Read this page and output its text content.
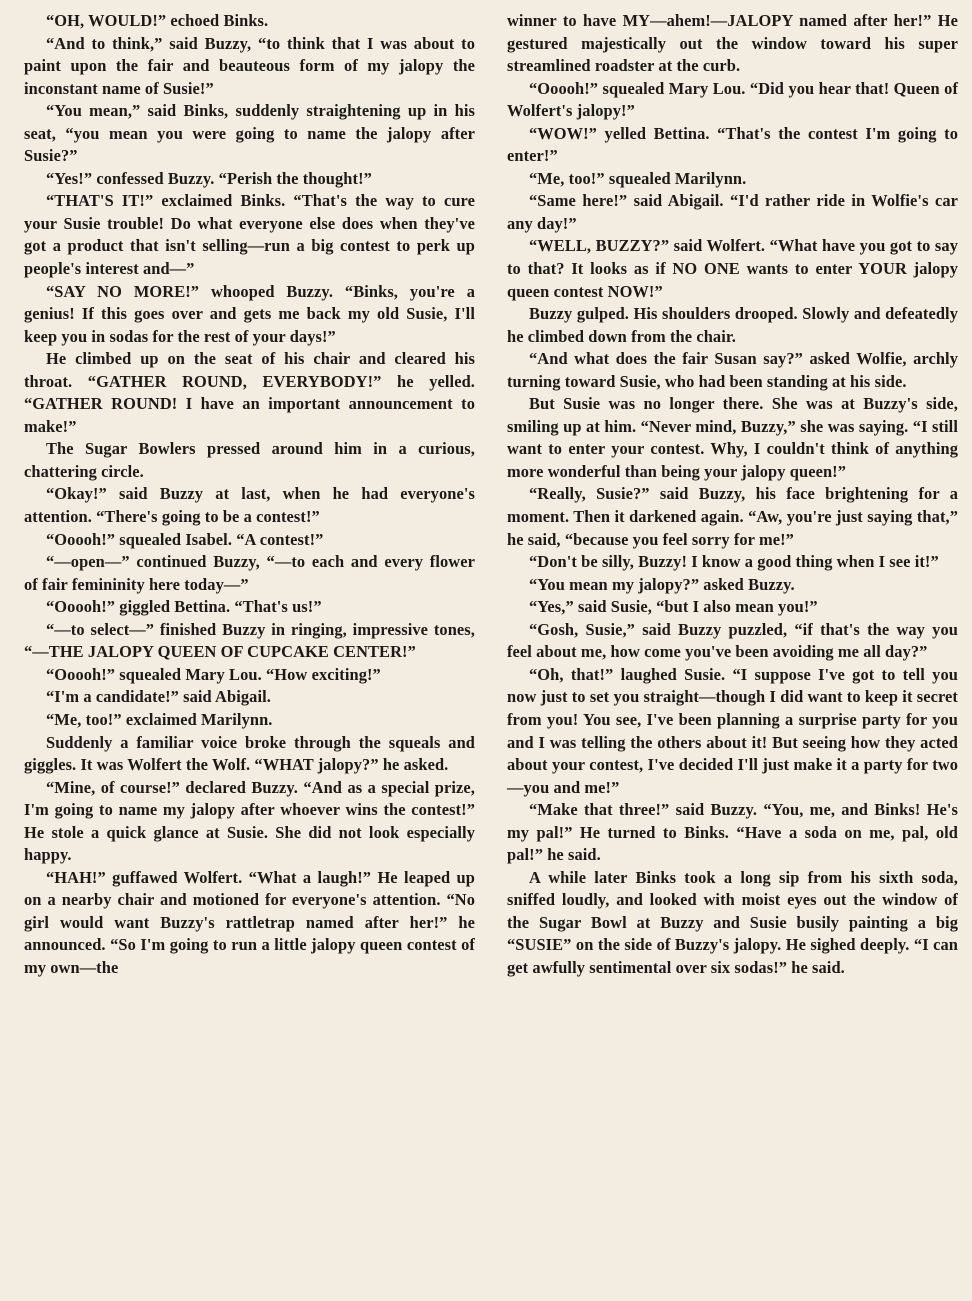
“OH, WOULD!” echoed Binks.

“And to think,” said Buzzy, “to think that I was about to paint upon the fair and beauteous form of my jalopy the inconstant name of Susie!”

“You mean,” said Binks, suddenly straightening up in his seat, “you mean you were going to name the jalopy after Susie?”

“Yes!” confessed Buzzy. “Perish the thought!”

“THAT'S IT!” exclaimed Binks. “That's the way to cure your Susie trouble! Do what everyone else does when they've got a product that isn't selling—run a big contest to perk up people's interest and—”

“SAY NO MORE!” whooped Buzzy. “Binks, you're a genius! If this goes over and gets me back my old Susie, I'll keep you in sodas for the rest of your days!”

He climbed up on the seat of his chair and cleared his throat. “GATHER ROUND, EVERYBODY!” he yelled. “GATHER ROUND! I have an important announcement to make!”

The Sugar Bowlers pressed around him in a curious, chattering circle.

“Okay!” said Buzzy at last, when he had everyone's attention. “There's going to be a contest!”

“Ooooh!” squealed Isabel. “A contest!”

“—open—” continued Buzzy, “—to each and every flower of fair femininity here today—”

“Ooooh!” giggled Bettina. “That's us!”

“—to select—” finished Buzzy in ringing, impressive tones, “—THE JALOPY QUEEN OF CUPCAKE CENTER!”

“Ooooh!” squealed Mary Lou. “How exciting!”

“I'm a candidate!” said Abigail.

“Me, too!” exclaimed Marilynn.

Suddenly a familiar voice broke through the squeals and giggles. It was Wolfert the Wolf. “WHAT jalopy?” he asked.

“Mine, of course!” declared Buzzy. “And as a special prize, I'm going to name my jalopy after whoever wins the contest!” He stole a quick glance at Susie. She did not look especially happy.

“HAH!” guffawed Wolfert. “What a laugh!” He leaped up on a nearby chair and motioned for everyone's attention. “No girl would want Buzzy's rattletrap named after her!” he announced. “So I'm going to run a little jalopy queen contest of my own—the

winner to have MY—ahem!—JALOPY named after her!” He gestured majestically out the window toward his super streamlined roadster at the curb.

“Ooooh!” squealed Mary Lou. “Did you hear that! Queen of Wolfert's jalopy!”

“WOW!” yelled Bettina. “That's the contest I'm going to enter!”

“Me, too!” squealed Marilynn.

“Same here!” said Abigail. “I'd rather ride in Wolfie's car any day!”

“WELL, BUZZY?” said Wolfert. “What have you got to say to that? It looks as if NO ONE wants to enter YOUR jalopy queen contest NOW!”

Buzzy gulped. His shoulders drooped. Slowly and defeatedly he climbed down from the chair.

“And what does the fair Susan say?” asked Wolfie, archly turning toward Susie, who had been standing at his side.

But Susie was no longer there. She was at Buzzy's side, smiling up at him. “Never mind, Buzzy,” she was saying. “I still want to enter your contest. Why, I couldn't think of anything more wonderful than being your jalopy queen!”

“Really, Susie?” said Buzzy, his face brightening for a moment. Then it darkened again. “Aw, you're just saying that,” he said, “because you feel sorry for me!”

“Don't be silly, Buzzy! I know a good thing when I see it!”

“You mean my jalopy?” asked Buzzy.

“Yes,” said Susie, “but I also mean you!”

“Gosh, Susie,” said Buzzy puzzled, “if that's the way you feel about me, how come you've been avoiding me all day?”

“Oh, that!” laughed Susie. “I suppose I've got to tell you now just to set you straight—though I did want to keep it secret from you! You see, I've been planning a surprise party for you and I was telling the others about it! But seeing how they acted about your contest, I've decided I'll just make it a party for two—you and me!”

“Make that three!” said Buzzy. “You, me, and Binks! He's my pal!” He turned to Binks. “Have a soda on me, pal, old pal!” he said.

A while later Binks took a long sip from his sixth soda, sniffed loudly, and looked with moist eyes out the window of the Sugar Bowl at Buzzy and Susie busily painting a big “SUSIE” on the side of Buzzy's jalopy. He sighed deeply. “I can get awfully sentimental over six sodas!” he said.
